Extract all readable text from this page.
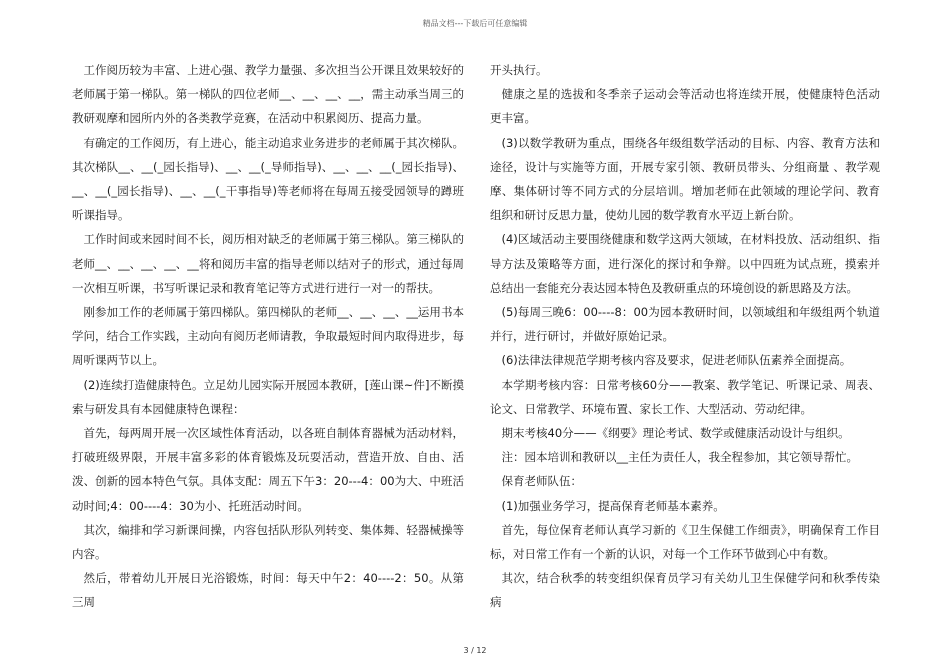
精品文档---下载后可任意编辑

工作阅历较为丰富、上进心强、教学力量强、多次担当公开课且效果较好的老师属于第一梯队。第一梯队的四位老师__、__、__、__，需主动承当周三的教研观摩和园所内外的各类教学竞赛，在活动中积累阅历、提高力量。

有确定的工作阅历，有上进心，能主动追求业务进步的老师属于其次梯队。其次梯队__、__(_园长指导)、__、__(_导师指导)、__、__、__(_园长指导)、__、__(_园长指导)、__、__(_干事指导)等老师将在每周五接受园领导的蹲班听课指导。

工作时间或来园时间不长，阅历相对缺乏的老师属于第三梯队。第三梯队的老师__、__、__、__、__将和阅历丰富的指导老师以结对子的形式，通过每周一次相互听课，书写听课记录和教育笔记等方式进行进行一对一的帮扶。

刚参加工作的老师属于第四梯队。第四梯队的老师__、__、__、__运用书本学问，结合工作实践，主动向有阅历老师请教，争取最短时间内取得进步，每周听课两节以上。

(2)连续打造健康特色。立足幼儿园实际开展园本教研，[莲山课~件]不断摸索与研发具有本园健康特色课程：

首先，每两周开展一次区域性体育活动，以各班自制体育器械为活动材料，打破班级界限，开展丰富多彩的体育锻炼及玩耍活动，营造开放、自由、活泼、创新的园本特色气氛。具体支配：周五下午3：20---4：00为大、中班活动时间;4：00----4：30为小、托班活动时间。

其次，编排和学习新课间操，内容包括队形队列转变、集体舞、轻器械操等内容。

然后，带着幼儿开展日光浴锻炼，时间：每天中午2：40----2：50。从第三周

开头执行。

健康之星的选拔和冬季亲子运动会等活动也将连续开展，使健康特色活动更丰富。

(3)以数学教研为重点，围绕各年级组数学活动的目标、内容、教育方法和途径，设计与实施等方面，开展专家引领、教研员带头、分组商量 、教学观摩、集体研讨等不同方式的分层培训。增加老师在此领域的理论学问、教育组织和研讨反思力量，使幼儿园的数学教育水平迈上新台阶。

(4)区域活动主要围绕健康和数学这两大领域，在材料投放、活动组织、指导方法及策略等方面，进行深化的探讨和争辩。以中四班为试点班，摸索并总结出一套能充分表达园本特色及教研重点的环境创设的新思路及方法。

(5)每周三晚6：00----8：00为园本教研时间，以领域组和年级组两个轨道并行，进行研讨，并做好原始记录。

(6)法律法律规范学期考核内容及要求，促进老师队伍素养全面提高。

本学期考核内容：日常考核60分——教案、教学笔记、听课记录、周表、论文、日常教学、环境布置、家长工作、大型活动、劳动纪律。

期末考核40分——《纲要》理论考试、数学或健康活动设计与组织。

注：园本培训和教研以__主任为责任人，我全程参加，其它领导帮忙。

保育老师队伍：

(1)加强业务学习，提高保育老师基本素养。

首先，每位保育老师认真学习新的《卫生保健工作细责》，明确保育工作目标，对日常工作有一个新的认识，对每一个工作环节做到心中有数。

其次，结合秋季的转变组织保育员学习有关幼儿卫生保健学问和秋季传染病

3 / 12
